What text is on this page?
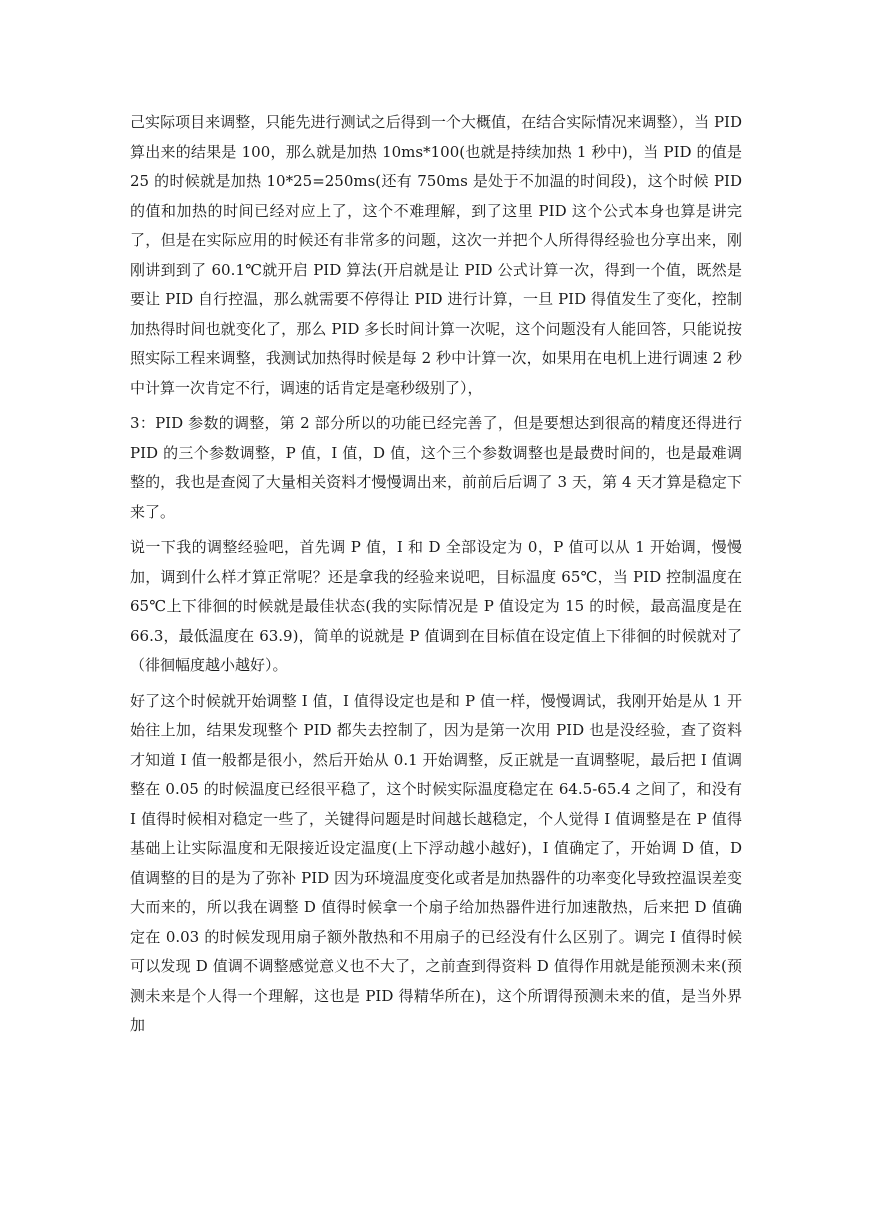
己实际项目来调整，只能先进行测试之后得到一个大概值，在结合实际情况来调整），当 PID 算出来的结果是 100，那么就是加热 10ms*100(也就是持续加热 1 秒中)，当 PID 的值是 25 的时候就是加热 10*25=250ms(还有 750ms 是处于不加温的时间段)，这个时候 PID 的值和加热的时间已经对应上了，这个不难理解，到了这里 PID 这个公式本身也算是讲完了，但是在实际应用的时候还有非常多的问题，这次一并把个人所得得经验也分享出来，刚刚讲到到了 60.1℃就开启 PID 算法(开启就是让 PID 公式计算一次，得到一个值，既然是要让 PID 自行控温，那么就需要不停得让 PID 进行计算，一旦 PID 得值发生了变化，控制加热得时间也就变化了，那么 PID 多长时间计算一次呢，这个问题没有人能回答，只能说按照实际工程来调整，我测试加热得时候是每 2 秒中计算一次，如果用在电机上进行调速 2 秒中计算一次肯定不行，调速的话肯定是毫秒级别了），

3：PID 参数的调整，第 2 部分所以的功能已经完善了，但是要想达到很高的精度还得进行 PID 的三个参数调整，P 值，I 值，D 值，这个三个参数调整也是最费时间的，也是最难调整的，我也是查阅了大量相关资料才慢慢调出来，前前后后调了 3 天，第 4 天才算是稳定下来了。

说一下我的调整经验吧，首先调 P 值，I 和 D 全部设定为 0，P 值可以从 1 开始调，慢慢加，调到什么样才算正常呢？还是拿我的经验来说吧，目标温度 65℃，当 PID 控制温度在 65℃上下徘徊的时候就是最佳状态(我的实际情况是 P 值设定为 15 的时候，最高温度是在 66.3，最低温度在 63.9)，简单的说就是 P 值调到在目标值在设定值上下徘徊的时候就对了（徘徊幅度越小越好）。

好了这个时候就开始调整 I 值，I 值得设定也是和 P 值一样，慢慢调试，我刚开始是从 1 开始往上加，结果发现整个 PID 都失去控制了，因为是第一次用 PID 也是没经验，查了资料才知道 I 值一般都是很小，然后开始从 0.1 开始调整，反正就是一直调整呢，最后把 I 值调整在 0.05 的时候温度已经很平稳了，这个时候实际温度稳定在 64.5-65.4 之间了，和没有 I 值得时候相对稳定一些了，关键得问题是时间越长越稳定，个人觉得 I 值调整是在 P 值得基础上让实际温度和无限接近设定温度(上下浮动越小越好)，I 值确定了，开始调 D 值，D 值调整的目的是为了弥补 PID 因为环境温度变化或者是加热器件的功率变化导致控温误差变大而来的，所以我在调整 D 值得时候拿一个扇子给加热器件进行加速散热，后来把 D 值确定在 0.03 的时候发现用扇子额外散热和不用扇子的已经没有什么区别了。调完 I 值得时候可以发现 D 值调不调整感觉意义也不大了，之前查到得资料 D 值得作用就是能预测未来(预测未来是个人得一个理解，这也是 PID 得精华所在)，这个所谓得预测未来的值，是当外界加
